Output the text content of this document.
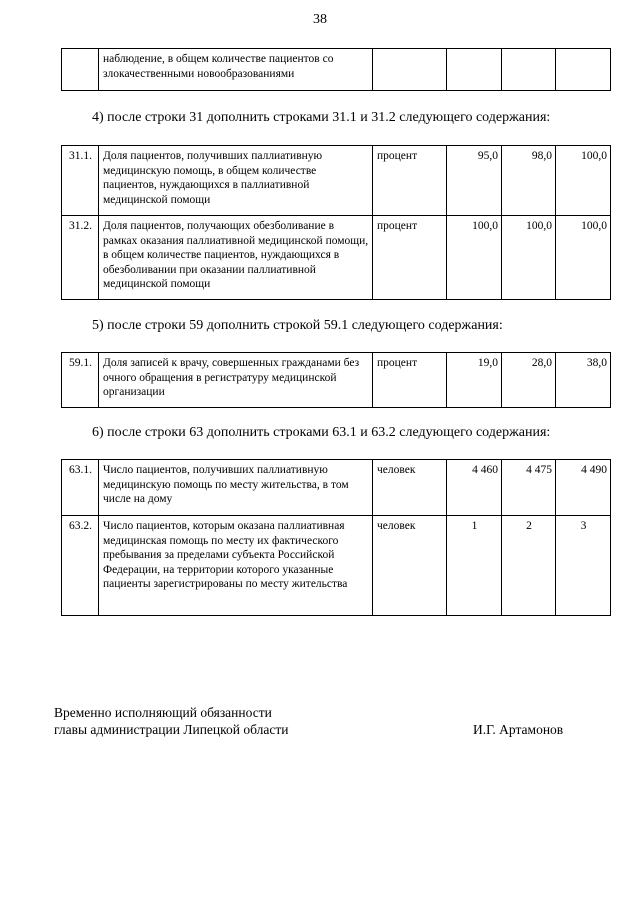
38
	наблюдение, в общем количестве пациентов со злокачественными новообразованиями				
4) после строки 31 дополнить строками 31.1 и 31.2 следующего содержания:
31.1.	Доля пациентов, получивших паллиативную медицинскую помощь, в общем количестве пациентов, нуждающихся в паллиативной медицинской помощи	процент	95,0	98,0	100,0
31.2.	Доля пациентов, получающих обезболивание в рамках оказания паллиативной медицинской помощи, в общем количестве пациентов, нуждающихся в обезболивании при оказании паллиативной медицинской помощи	процент	100,0	100,0	100,0
5) после строки 59 дополнить строкой 59.1 следующего содержания:
59.1.	Доля записей к врачу, совершенных гражданами без очного обращения в регистратуру медицинской организации	процент	19,0	28,0	38,0
6) после строки 63 дополнить строками 63.1 и 63.2 следующего содержания:
63.1.	Число пациентов, получивших паллиативную медицинскую помощь по месту жительства, в том числе на дому	человек	4 460	4 475	4 490
63.2.	Число пациентов, которым оказана паллиативная медицинская помощь по месту их фактического пребывания за пределами субъекта Российской Федерации, на территории которого указанные пациенты зарегистрированы по месту жительства	человек	1	2	3
Временно исполняющий обязанности
главы администрации Липецкой области	И.Г. Артамонов
